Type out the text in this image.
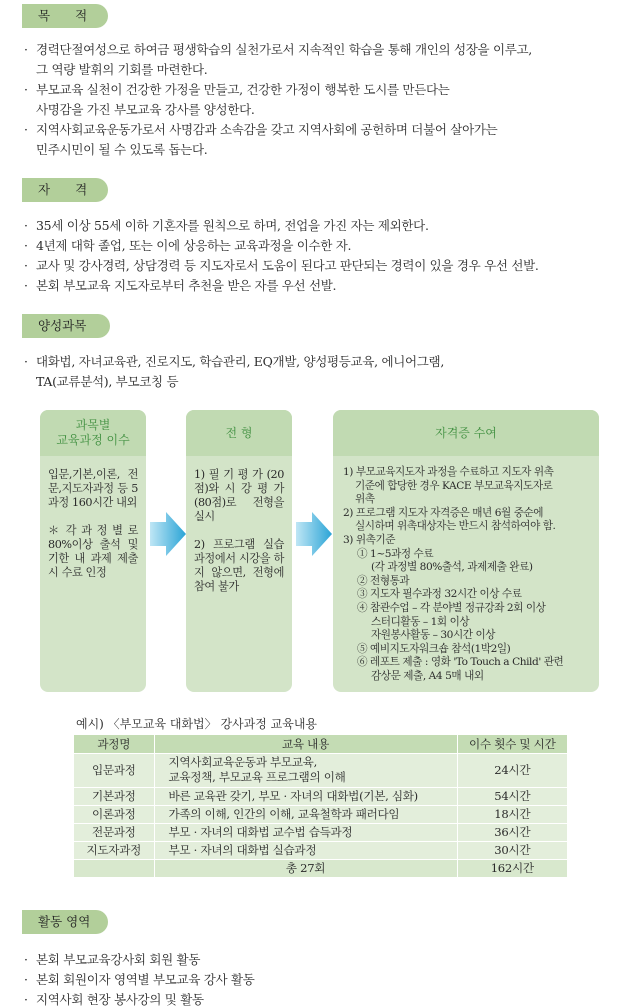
목　　적
· 경력단절여성으로 하여금 평생학습의 실천가로서 지속적인 학습을 통해 개인의 성장을 이루고,
그 역량 발휘의 기회를 마련한다.
· 부모교육 실천이 건강한 가정을 만들고, 건강한 가정이 행복한 도시를 만든다는
사명감을 가진 부모교육 강사를 양성한다.
· 지역사회교육운동가로서 사명감과 소속감을 갖고 지역사회에 공헌하며 더불어 살아가는
민주시민이 될 수 있도록 돕는다.
자　　격
· 35세 이상 55세 이하 기혼자를 원칙으로 하며, 전업을 가진 자는 제외한다.
· 4년제 대학 졸업, 또는 이에 상응하는 교육과정을 이수한 자.
· 교사 및 강사경력, 상담경력 등 지도자로서 도움이 된다고 판단되는 경력이 있을 경우 우선 선발.
· 본회 부모교육 지도자로부터 추천을 받은 자를 우선 선발.
양성과목
· 대화법, 자녀교육관, 진로지도, 학습관리, EQ개발, 양성평등교육, 에니어그램,
TA(교류분석), 부모코칭 등
과목별
교육과정 이수

입문,기본,이론, 전문,지도자과정 등 5과정 160시간 내외

＊ 각 과 정 별 로 80%이상 출석 및 기한 내 과제 제출시 수료 인정

전 형

1) 필 기 평 가 (20 점)와 시 강 평 가 (80점)로 전형을 실시

2) 프로그램 실습 과정에서 시강을 하지 않으면, 전형에 참여 불가

자격증 수여
1) 부모교육지도자 과정을 수료하고 지도자 위촉
기준에 합당한 경우 KACE 부모교육지도자로
위촉
2) 프로그램 지도자 자격증은 매년 6월 중순에
실시하며 위촉대상자는 반드시 참석하여야 함.
3) 위촉기준
① 1~5과정 수료
(각 과정별 80%출석, 과제제출 완료)
② 전형통과
③ 지도자 필수과정 32시간 이상 수료
④ 참관수업 – 각 분야별 정규강좌 2회 이상
스터디활동 – 1회 이상
자원봉사활동 – 30시간 이상
⑤ 예비지도자워크숍 참석(1박2일)
⑥ 레포트 제출 : 영화 'To Touch a Child' 관련
감상문 제출, A4 5매 내외
예시) 〈부모교육 대화법〉 강사과정 교육내용
과정명	교육 내용	이수 횟수 및 시간
입문과정	지역사회교육운동과 부모교육,
교육정책, 부모교육 프로그램의 이해	24시간
기본과정	바른 교육관 갖기, 부모 · 자녀의 대화법(기본, 심화)	54시간
이론과정	가족의 이해, 인간의 이해, 교육철학과 패러다임	18시간
전문과정	부모 · 자녀의 대화법 교수법 습득과정	36시간
지도자과정	부모 · 자녀의 대화법 실습과정	30시간
	총 27회	162시간
활동 영역
· 본회 부모교육강사회 회원 활동
· 본회 회원이자 영역별 부모교육 강사 활동
· 지역사회 현장 봉사강의 및 활동
